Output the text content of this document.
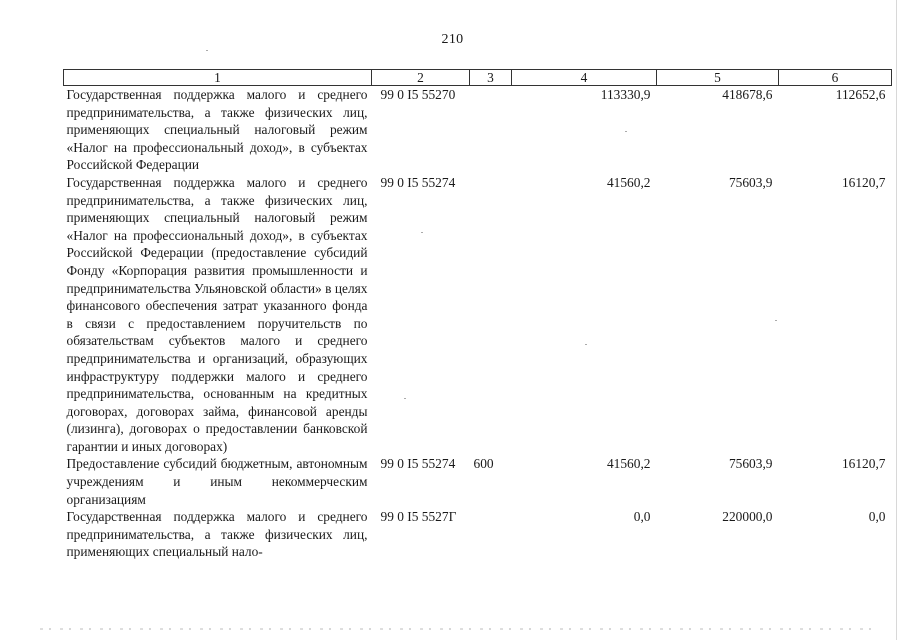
210
1	2	3	4	5	6
Государственная поддержка малого и среднего предпринимательства, а также физических лиц, применяющих специальный налоговый режим «Налог на профессиональный доход», в субъектах Российской Федерации	99 0 I5 55270		113330,9	418678,6	112652,6
Государственная поддержка малого и среднего предпринимательства, а также физических лиц, применяющих специальный налоговый режим «Налог на профессиональный доход», в субъектах Российской Федерации (предоставление субсидий Фонду «Корпорация развития промышленности и предпринимательства Ульяновской области» в целях финансового обеспечения затрат указанного фонда в связи с предоставлением поручительств по обязательствам субъектов малого и среднего предпринимательства и организаций, образующих инфраструктуру поддержки малого и среднего предпринимательства, основанным на кредитных договорах, договорах займа, финансовой аренды (лизинга), договорах о предоставлении банковской гарантии и иных договорах)	99 0 I5 55274		41560,2	75603,9	16120,7
Предоставление субсидий бюджетным, автономным учреждениям и иным некоммерческим организациям	99 0 I5 55274	600	41560,2	75603,9	16120,7
Государственная поддержка малого и среднего предпринимательства, а также физических лиц, применяющих специальный нало-	99 0 I5 5527Г		0,0	220000,0	0,0
